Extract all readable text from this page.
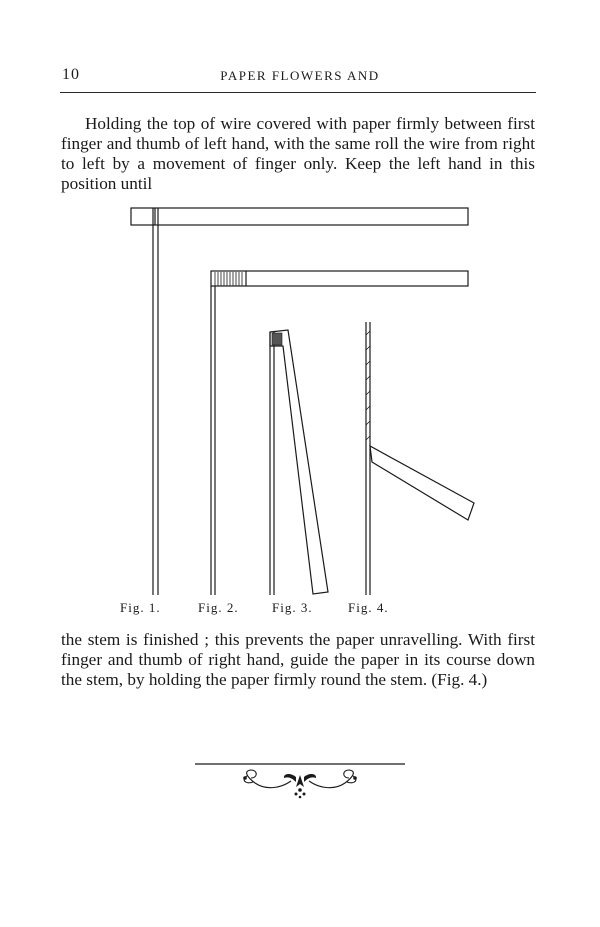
10	PAPER FLOWERS AND

Holding the top of wire covered with paper firmly between first finger and thumb of left hand, with the same roll the wire from right to left by a movement of finger only. Keep the left hand in this position until

Fig. 1.	Fig. 2.	Fig. 3.	Fig. 4.

the stem is finished ; this prevents the paper unravelling. With first finger and thumb of right hand, guide the paper in its course down the stem, by holding the paper firmly round the stem. (Fig. 4.)
